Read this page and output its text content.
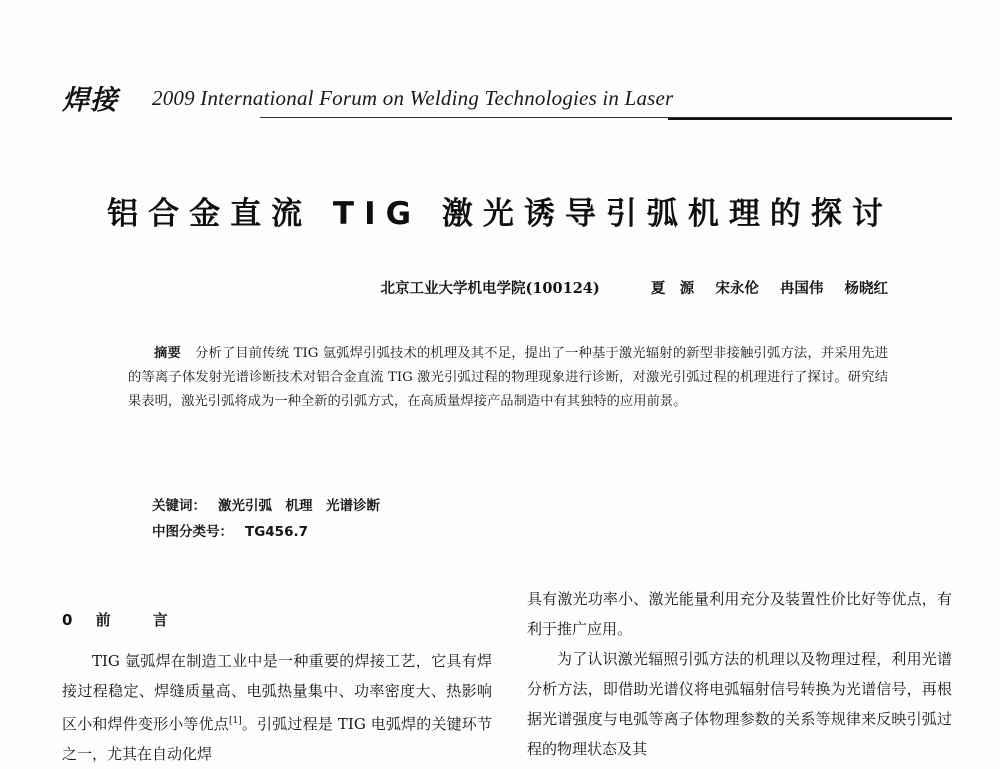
焊接 2009 International Forum on Welding Technologies in Laser
铝合金直流 TIG 激光诱导引弧机理的探讨
北京工业大学机电学院(100124)	夏　源 宋永伦 冉国伟 杨晓红
摘要 分析了目前传统 TIG 氩弧焊引弧技术的机理及其不足，提出了一种基于激光辐射的新型非接触引弧方法，并采用先进的等离子体发射光谱诊断技术对铝合金直流 TIG 激光引弧过程的物理现象进行诊断，对激光引弧过程的机理进行了探讨。研究结果表明，激光引弧将成为一种全新的引弧方式，在高质量焊接产品制造中有其独特的应用前景。
关键词： 激光引弧　机理　光谱诊断
中图分类号： TG456.7
0 前	言
TIG 氩弧焊在制造工业中是一种重要的焊接工艺，它具有焊接过程稳定、焊缝质量高、电弧热量集中、功率密度大、热影响区小和焊件变形小等优点[1]。引弧过程是 TIG 电弧焊的关键环节之一，尤其在自动化焊
具有激光功率小、激光能量利用充分及装置性价比好等优点，有利于推广应用。
为了认识激光辐照引弧方法的机理以及物理过程，利用光谱分析方法，即借助光谱仪将电弧辐射信号转换为光谱信号，再根据光谱强度与电弧等离子体物理参数的关系等规律来反映引弧过程的物理状态及其
